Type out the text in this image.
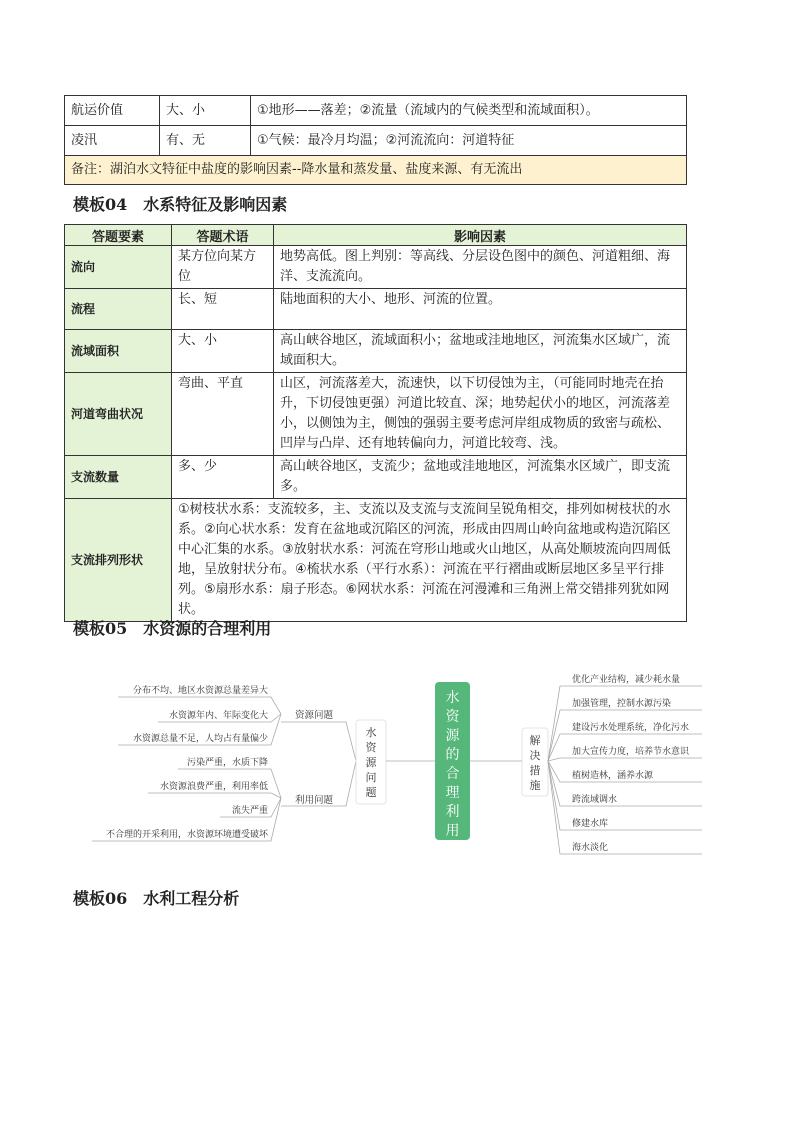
航运价值	大、小	①地形——落差；②流量（流域内的气候类型和流域面积）。
凌汛	有、无	①气候：最冷月均温；②河流流向：河道特征
备注：湖泊水文特征中盐度的影响因素--降水量和蒸发量、盐度来源、有无流出		
模板04 水系特征及影响因素
答题要素	答题术语	影响因素
流向	某方位向某方位	地势高低。图上判别：等高线、分层设色图中的颜色、河道粗细、海洋、支流流向。
流程	长、短	陆地面积的大小、地形、河流的位置。
流域面积	大、小	高山峡谷地区，流域面积小；盆地或洼地地区，河流集水区域广，流域面积大。
河道弯曲状况	弯曲、平直	山区，河流落差大，流速快，以下切侵蚀为主，（可能同时地壳在抬升，下切侵蚀更强）河道比较直、深；地势起伏小的地区，河流落差小，以侧蚀为主，侧蚀的强弱主要考虑河岸组成物质的致密与疏松、凹岸与凸岸、还有地转偏向力，河道比较弯、浅。
支流数量	多、少	高山峡谷地区，支流少；盆地或洼地地区，河流集水区域广，即支流多。
支流排列形状	①树枝状水系：支流较多，主、支流以及支流与支流间呈锐角相交，排列如树枝状的水系。②向心状水系：发育在盆地或沉陷区的河流，形成由四周山岭向盆地或构造沉陷区中心汇集的水系。③放射状水系：河流在穹形山地或火山地区，从高处顺坡流向四周低地，呈放射状分布。④梳状水系（平行水系）：河流在平行褶曲或断层地区多呈平行排列。⑤扇形水系：扇子形态。⑥网状水系：河流在河漫滩和三角洲上常交错排列犹如网状。	
模板05 水资源的合理利用
分布不均、地区水资源总量差异大
水资源年内、年际变化大
水资源总量不足，人均占有量偏少
资源问题
污染严重，水质下降
水资源浪费严重，利用率低
流失严重
不合理的开采利用，水资源环境遭受破坏
利用问题
水资源问题
水资源的合理利用
解决措施
优化产业结构，减少耗水量
加强管理，控制水源污染
建设污水处理系统，净化污水
加大宣传力度，培养节水意识
植树造林，涵养水源
跨流域调水
修建水库
海水淡化
模板06 水利工程分析
